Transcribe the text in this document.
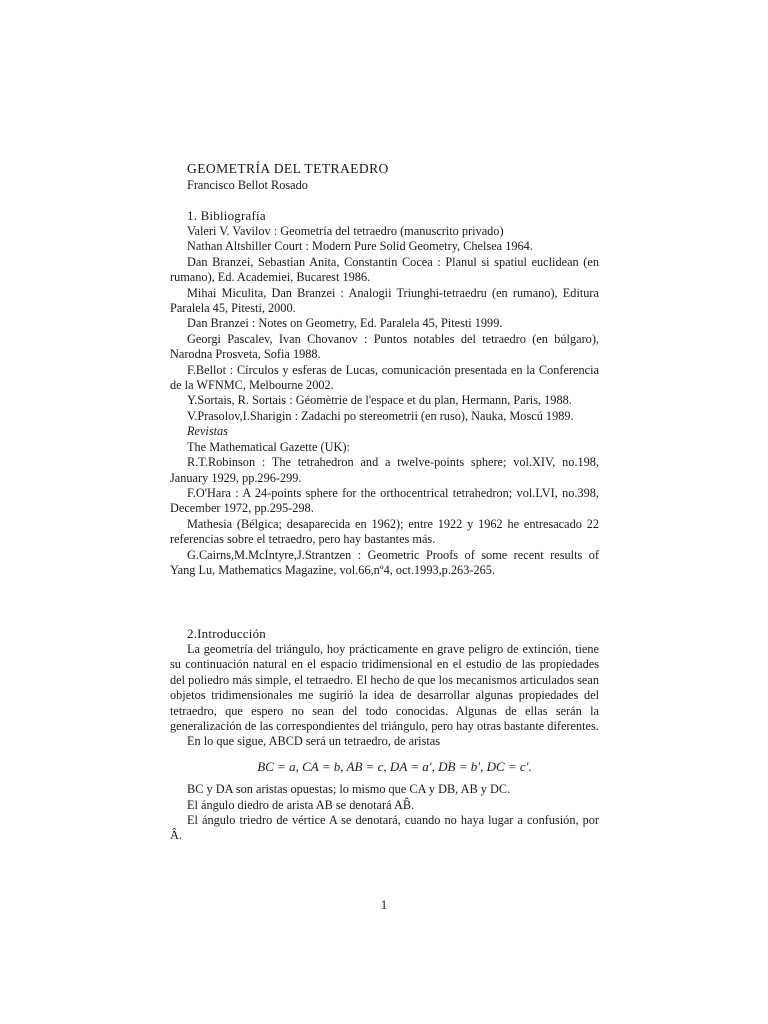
GEOMETRÍA DEL TETRAEDRO
Francisco Bellot Rosado
1. Bibliografía

Valeri V. Vavilov : Geometría del tetraedro (manuscrito privado)

Nathan Altshiller Court : Modern Pure Solid Geometry, Chelsea 1964.

Dan Branzei, Sebastian Anita, Constantin Cocea : Planul si spatiul euclidean (en rumano), Ed. Academiei, Bucarest 1986.

Mihai Miculita, Dan Branzei : Analogii Triunghi-tetraedru (en rumano), Editura Paralela 45, Pitesti, 2000.

Dan Branzei : Notes on Geometry, Ed. Paralela 45, Pitesti 1999.

Georgi Pascalev, Ivan Chovanov : Puntos notables del tetraedro (en búlgaro), Narodna Prosveta, Sofia 1988.

F.Bellot : Círculos y esferas de Lucas, comunicación presentada en la Conferencia de la WFNMC, Melbourne 2002.

Y.Sortais, R. Sortais : Géomètrie de l'espace et du plan, Hermann, Paris, 1988.

V.Prasolov,I.Sharigin : Zadachi po stereometrii (en ruso), Nauka, Moscú 1989.

Revistas

The Mathematical Gazette (UK):

R.T.Robinson : The tetrahedron and a twelve-points sphere; vol.XIV, no.198, January 1929, pp.296-299.

F.O'Hara : A 24-points sphere for the orthocentrical tetrahedron; vol.LVI, no.398, December 1972, pp.295-298.

Mathesia (Bélgica; desaparecida en 1962); entre 1922 y 1962 he entresacado 22 referencias sobre el tetraedro, pero hay bastantes más.

G.Cairns,M.McIntyre,J.Strantzen : Geometric Proofs of some recent results of Yang Lu, Mathematics Magazine, vol.66,nº4, oct.1993,p.263-265.

2.Introducción

La geometría del triángulo, hoy prácticamente en grave peligro de extinción, tiene su continuación natural en el espacio tridimensional en el estudio de las propiedades del poliedro más simple, el tetraedro. El hecho de que los mecanismos articulados sean objetos tridimensionales me sugirió la idea de desarrollar algunas propiedades del tetraedro, que espero no sean del todo conocidas. Algunas de ellas serán la generalización de las correspondientes del triángulo, pero hay otras bastante diferentes.

En lo que sigue, ABCD será un tetraedro, de aristas

BC = a, CA = b, AB = c, DA = a′, DB = b′, DC = c′.

BC y DA son aristas opuestas; lo mismo que CA y DB, AB y DC.

El ángulo diedro de arista AB se denotará AB̂.

El ángulo triedro de vértice A se denotará, cuando no haya lugar a confusión, por Â.

1
